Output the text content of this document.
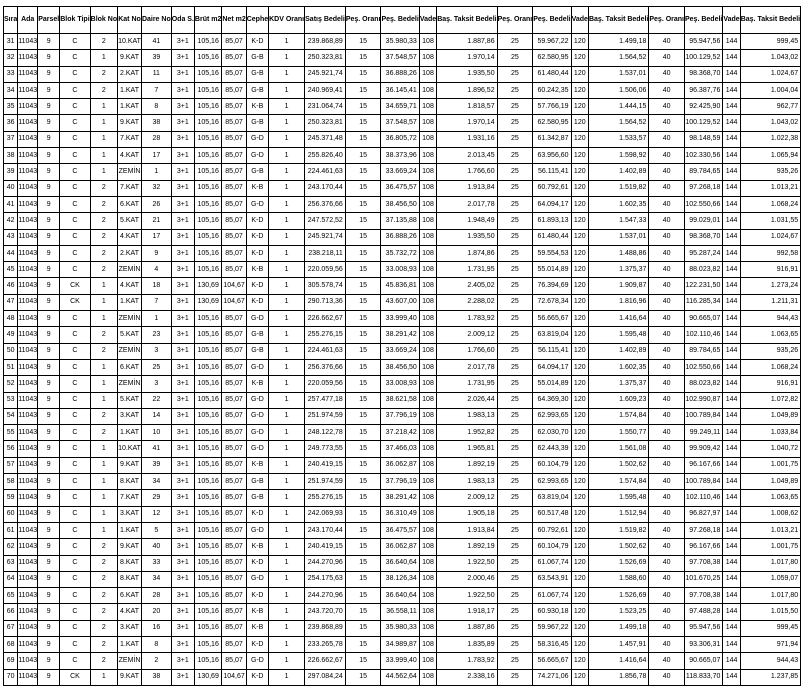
Sıra	Ada	Parsel	Blok Tipi	Blok No	Kat No	Daire No	Oda S.	Brüt m2	Net m2	Cephe	KDV Oranı	Satış Bedeli	Peş. Oranı	Peş. Bedeli	Vade	Baş. Taksit Bedeli	Peş. Oranı	Peş. Bedeli	Vade	Baş. Taksit Bedeli	Peş. Oranı	Peş. Bedeli	Vade	Baş. Taksit Bedeli
31	11043	9	C	2	10.KAT	41	3+1	105,16	85,07	K-D	1	239.868,89	15	35.980,33	108	1.887,86	25	59.967,22	120	1.499,18	40	95.947,56	144	999,45
32	11043	9	C	1	9.KAT	39	3+1	105,16	85,07	G-B	1	250.323,81	15	37.548,57	108	1.970,14	25	62.580,95	120	1.564,52	40	100.129,52	144	1.043,02
33	11043	9	C	2	2.KAT	11	3+1	105,16	85,07	G-B	1	245.921,74	15	36.888,26	108	1.935,50	25	61.480,44	120	1.537,01	40	98.368,70	144	1.024,67
34	11043	9	C	2	1.KAT	7	3+1	105,16	85,07	G-B	1	240.969,41	15	36.145,41	108	1.896,52	25	60.242,35	120	1.506,06	40	96.387,76	144	1.004,04
35	11043	9	C	1	1.KAT	8	3+1	105,16	85,07	K-B	1	231.064,74	15	34.659,71	108	1.818,57	25	57.766,19	120	1.444,15	40	92.425,90	144	962,77
36	11043	9	C	1	9.KAT	38	3+1	105,16	85,07	G-B	1	250.323,81	15	37.548,57	108	1.970,14	25	62.580,95	120	1.564,52	40	100.129,52	144	1.043,02
37	11043	9	C	1	7.KAT	28	3+1	105,16	85,07	G-D	1	245.371,48	15	36.805,72	108	1.931,16	25	61.342,87	120	1.533,57	40	98.148,59	144	1.022,38
38	11043	9	C	1	4.KAT	17	3+1	105,16	85,07	G-D	1	255.826,40	15	38.373,96	108	2.013,45	25	63.956,60	120	1.598,92	40	102.330,56	144	1.065,94
39	11043	9	C	1	ZEMİN	1	3+1	105,16	85,07	G-B	1	224.461,63	15	33.669,24	108	1.766,60	25	56.115,41	120	1.402,89	40	89.784,65	144	935,26
40	11043	9	C	2	7.KAT	32	3+1	105,16	85,07	K-B	1	243.170,44	15	36.475,57	108	1.913,84	25	60.792,61	120	1.519,82	40	97.268,18	144	1.013,21
41	11043	9	C	2	6.KAT	26	3+1	105,16	85,07	G-D	1	256.376,66	15	38.456,50	108	2.017,78	25	64.094,17	120	1.602,35	40	102.550,66	144	1.068,24
42	11043	9	C	2	5.KAT	21	3+1	105,16	85,07	K-D	1	247.572,52	15	37.135,88	108	1.948,49	25	61.893,13	120	1.547,33	40	99.029,01	144	1.031,55
43	11043	9	C	2	4.KAT	17	3+1	105,16	85,07	K-D	1	245.921,74	15	36.888,26	108	1.935,50	25	61.480,44	120	1.537,01	40	98.368,70	144	1.024,67
44	11043	9	C	2	2.KAT	9	3+1	105,16	85,07	K-D	1	238.218,11	15	35.732,72	108	1.874,86	25	59.554,53	120	1.488,86	40	95.287,24	144	992,58
45	11043	9	C	2	ZEMİN	4	3+1	105,16	85,07	K-B	1	220.059,56	15	33.008,93	108	1.731,95	25	55.014,89	120	1.375,37	40	88.023,82	144	916,91
46	11043	9	CK	1	4.KAT	18	3+1	130,69	104,67	K-D	1	305.578,74	15	45.836,81	108	2.405,02	25	76.394,69	120	1.909,87	40	122.231,50	144	1.273,24
47	11043	9	CK	1	1.KAT	7	3+1	130,69	104,67	K-D	1	290.713,36	15	43.607,00	108	2.288,02	25	72.678,34	120	1.816,96	40	116.285,34	144	1.211,31
48	11043	9	C	1	ZEMİN	1	3+1	105,16	85,07	G-D	1	226.662,67	15	33.999,40	108	1.783,92	25	56.665,67	120	1.416,64	40	90.665,07	144	944,43
49	11043	9	C	2	5.KAT	23	3+1	105,16	85,07	G-B	1	255.276,15	15	38.291,42	108	2.009,12	25	63.819,04	120	1.595,48	40	102.110,46	144	1.063,65
50	11043	9	C	2	ZEMİN	3	3+1	105,16	85,07	G-B	1	224.461,63	15	33.669,24	108	1.766,60	25	56.115,41	120	1.402,89	40	89.784,65	144	935,26
51	11043	9	C	1	6.KAT	25	3+1	105,16	85,07	G-D	1	256.376,66	15	38.456,50	108	2.017,78	25	64.094,17	120	1.602,35	40	102.550,66	144	1.068,24
52	11043	9	C	1	ZEMİN	3	3+1	105,16	85,07	K-B	1	220.059,56	15	33.008,93	108	1.731,95	25	55.014,89	120	1.375,37	40	88.023,82	144	916,91
53	11043	9	C	1	5.KAT	22	3+1	105,16	85,07	G-D	1	257.477,18	15	38.621,58	108	2.026,44	25	64.369,30	120	1.609,23	40	102.990,87	144	1.072,82
54	11043	9	C	2	3.KAT	14	3+1	105,16	85,07	G-D	1	251.974,59	15	37.796,19	108	1.983,13	25	62.993,65	120	1.574,84	40	100.789,84	144	1.049,89
55	11043	9	C	2	1.KAT	10	3+1	105,16	85,07	G-D	1	248.122,78	15	37.218,42	108	1.952,82	25	62.030,70	120	1.550,77	40	99.249,11	144	1.033,84
56	11043	9	C	1	10.KAT	41	3+1	105,16	85,07	G-D	1	249.773,55	15	37.466,03	108	1.965,81	25	62.443,39	120	1.561,08	40	99.909,42	144	1.040,72
57	11043	9	C	1	9.KAT	39	3+1	105,16	85,07	K-B	1	240.419,15	15	36.062,87	108	1.892,19	25	60.104,79	120	1.502,62	40	96.167,66	144	1.001,75
58	11043	9	C	1	8.KAT	34	3+1	105,16	85,07	G-B	1	251.974,59	15	37.796,19	108	1.983,13	25	62.993,65	120	1.574,84	40	100.789,84	144	1.049,89
59	11043	9	C	1	7.KAT	29	3+1	105,16	85,07	G-B	1	255.276,15	15	38.291,42	108	2.009,12	25	63.819,04	120	1.595,48	40	102.110,46	144	1.063,65
60	11043	9	C	1	3.KAT	12	3+1	105,16	85,07	K-D	1	242.069,93	15	36.310,49	108	1.905,18	25	60.517,48	120	1.512,94	40	96.827,97	144	1.008,62
61	11043	9	C	1	1.KAT	5	3+1	105,16	85,07	G-D	1	243.170,44	15	36.475,57	108	1.913,84	25	60.792,61	120	1.519,82	40	97.268,18	144	1.013,21
62	11043	9	C	2	9.KAT	40	3+1	105,16	85,07	K-B	1	240.419,15	15	36.062,87	108	1.892,19	25	60.104,79	120	1.502,62	40	96.167,66	144	1.001,75
63	11043	9	C	2	8.KAT	33	3+1	105,16	85,07	K-D	1	244.270,96	15	36.640,64	108	1.922,50	25	61.067,74	120	1.526,69	40	97.708,38	144	1.017,80
64	11043	9	C	2	8.KAT	34	3+1	105,16	85,07	G-D	1	254.175,63	15	38.126,34	108	2.000,46	25	63.543,91	120	1.588,60	40	101.670,25	144	1.059,07
65	11043	9	C	2	6.KAT	28	3+1	105,16	85,07	K-D	1	244.270,96	15	36.640,64	108	1.922,50	25	61.067,74	120	1.526,69	40	97.708,38	144	1.017,80
66	11043	9	C	2	4.KAT	20	3+1	105,16	85,07	K-B	1	243.720,70	15	36.558,11	108	1.918,17	25	60.930,18	120	1.523,25	40	97.488,28	144	1.015,50
67	11043	9	C	2	3.KAT	16	3+1	105,16	85,07	K-B	1	239.868,89	15	35.980,33	108	1.887,86	25	59.967,22	120	1.499,18	40	95.947,56	144	999,45
68	11043	9	C	2	1.KAT	8	3+1	105,16	85,07	K-D	1	233.265,78	15	34.989,87	108	1.835,89	25	58.316,45	120	1.457,91	40	93.306,31	144	971,94
69	11043	9	C	2	ZEMİN	2	3+1	105,16	85,07	G-D	1	226.662,67	15	33.999,40	108	1.783,92	25	56.665,67	120	1.416,64	40	90.665,07	144	944,43
70	11043	9	CK	1	9.KAT	38	3+1	130,69	104,67	K-D	1	297.084,24	15	44.562,64	108	2.338,16	25	74.271,06	120	1.856,78	40	118.833,70	144	1.237,85
